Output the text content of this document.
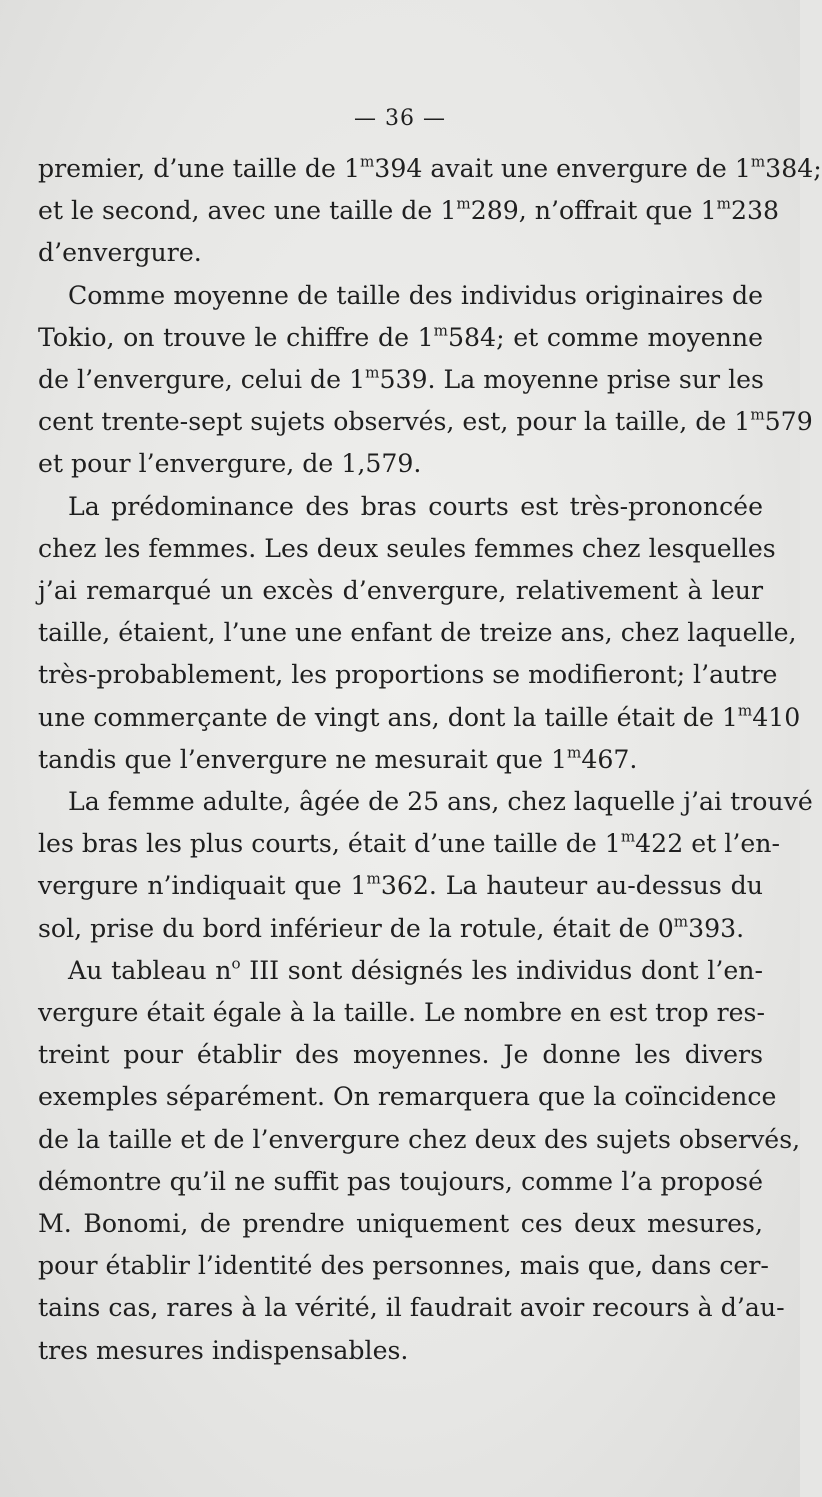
— 36 —
premier, d’une taille de 1$^m$394 avait une envergure de 1$^m$384;
et le second, avec une taille de 1$^m$289, n’offrait que 1$^m$238
d’envergure.
Comme moyenne de taille des individus originaires de
Tokio, on trouve le chiffre de 1$^m$584; et comme moyenne
de l’envergure, celui de 1$^m$539. La moyenne prise sur les
cent trente-sept sujets observés, est, pour la taille, de 1$^m$579
et pour l’envergure, de 1,579.
La prédominance des bras courts est très-prononcée
chez les femmes. Les deux seules femmes chez lesquelles
j’ai remarqué un excès d’envergure, relativement à leur
taille, étaient, l’une une enfant de treize ans, chez laquelle,
très-probablement, les proportions se modifieront; l’autre
une commerçante de vingt ans, dont la taille était de 1$^m$410
tandis que l’envergure ne mesurait que 1$^m$467.
La femme adulte, âgée de 25 ans, chez laquelle j’ai trouvé
les bras les plus courts, était d’une taille de 1$^m$422 et l’en-
vergure n’indiquait que 1$^m$362. La hauteur au-dessus du
sol, prise du bord inférieur de la rotule, était de 0$^m$393.
Au tableau $n^o$ III sont désignés les individus dont l’en-
vergure était égale à la taille. Le nombre en est trop res-
treint pour établir des moyennes. Je donne les divers
exemples séparément. On remarquera que la coïncidence
de la taille et de l’envergure chez deux des sujets observés,
démontre qu’il ne suffit pas toujours, comme l’a proposé
M. Bonomi, de prendre uniquement ces deux mesures,
pour établir l’identité des personnes, mais que, dans cer-
tains cas, rares à la vérité, il faudrait avoir recours à d’au-
tres mesures indispensables.
